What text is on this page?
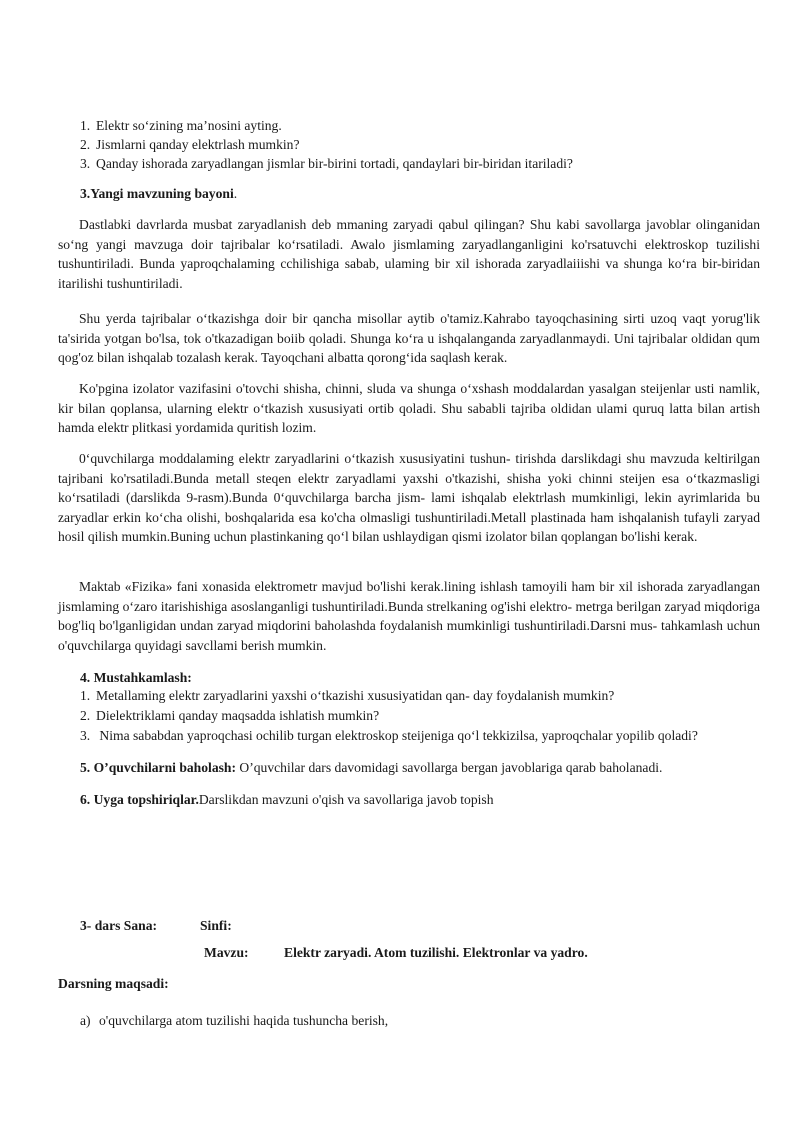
1. Elektr so‘zining ma’nosini ayting.
2. Jismlarni qanday elektrlash mumkin?
3. Qanday ishorada zaryadlangan jismlar bir-birini tortadi, qandaylari bir-biridan itariladi?
3.Yangi mavzuning bayoni.

Dastlabki davrlarda musbat zaryadlanish deb mmaning zaryadi qabul qilingan? Shu kabi savollarga javoblar olinganidan so‘ng yangi mavzuga doir tajribalar ko‘rsatiladi. Awalo jismlaming zaryadlanganligini ko'rsatuvchi elektroskop tuzilishi tushuntiriladi. Bunda yaproqchalaming cchilishiga sabab, ulaming bir xil ishorada zaryadlaiiishi va shunga ko‘ra bir-biridan itarilishi tushuntiriladi.

Shu yerda tajribalar o‘tkazishga doir bir qancha misollar aytib o'tamiz.Kahrabo tayoqchasining sirti uzoq vaqt yorug'lik ta'sirida yotgan bo'lsa, tok o'tkazadigan boiib qoladi. Shunga ko‘ra u ishqalanganda zaryadlanmaydi. Uni tajribalar oldidan qum qog'oz bilan ishqalab tozalash kerak. Tayoqchani albatta qorong‘ida saqlash kerak.

Ko'pgina izolator vazifasini o'tovchi shisha, chinni, sluda va shunga o‘xshash moddalardan yasalgan steijenlar usti namlik, kir bilan qoplansa, ularning elektr o‘tkazish xususiyati ortib qoladi. Shu sababli tajriba oldidan ulami quruq latta bilan artish hamda elektr plitkasi yordamida quritish lozim.

0‘quvchilarga moddalaming elektr zaryadlarini o‘tkazish xususiyatini tushun- tirishda darslikdagi shu mavzuda keltirilgan tajribani ko'rsatiladi.Bunda metall steqen elektr zaryadlami yaxshi o'tkazishi, shisha yoki chinni steijen esa o‘tkazmasligi ko‘rsatiladi (darslikda 9-rasm).Bunda 0‘quvchilarga barcha jism- lami ishqalab elektrlash mumkinligi, lekin ayrimlarida bu zaryadlar erkin ko‘cha olishi, boshqalarida esa ko'cha olmasligi tushuntiriladi.Metall plastinada ham ishqalanish tufayli zaryad hosil qilish mumkin.Buning uchun plastinkaning qo‘l bilan ushlaydigan qismi izolator bilan qoplangan bo'lishi kerak.

Maktab «Fizika» fani xonasida elektrometr mavjud bo'lishi kerak.lining ishlash tamoyili ham bir xil ishorada zaryadlangan jismlaming o‘zaro itarishishiga asoslanganligi tushuntiriladi.Bunda strelkaning og'ishi elektro- metrga berilgan zaryad miqdoriga bog'liq bo'lganligidan undan zaryad miqdorini baholashda foydalanish mumkinligi tushuntiriladi.Darsni mus- tahkamlash uchun o'quvchilarga quyidagi savcllami berish mumkin.

4. Mustahkamlash:
1. Metallaming elektr zaryadlarini yaxshi o‘tkazishi xususiyatidan qan- day foydalanish mumkin?
2. Dielektriklami qanday maqsadda ishlatish mumkin?
3. Nima sababdan yaproqchasi ochilib turgan elektroskop steijeniga qo‘l tekkizilsa, yaproqchalar yopilib qoladi?
5. O’quvchilarni baholash: O’quvchilar dars davomidagi savollarga bergan javoblariga qarab baholanadi.
6. Uyga topshiriqlar.Darslikdan mavzuni o'qish va savollariga javob topish
3- dars Sana:	Sinfi:
Mavzu:	Elektr zaryadi. Atom tuzilishi. Elektronlar va yadro.
Darsning maqsadi:
a) o'quvchilarga atom tuzilishi haqida tushuncha berish,
